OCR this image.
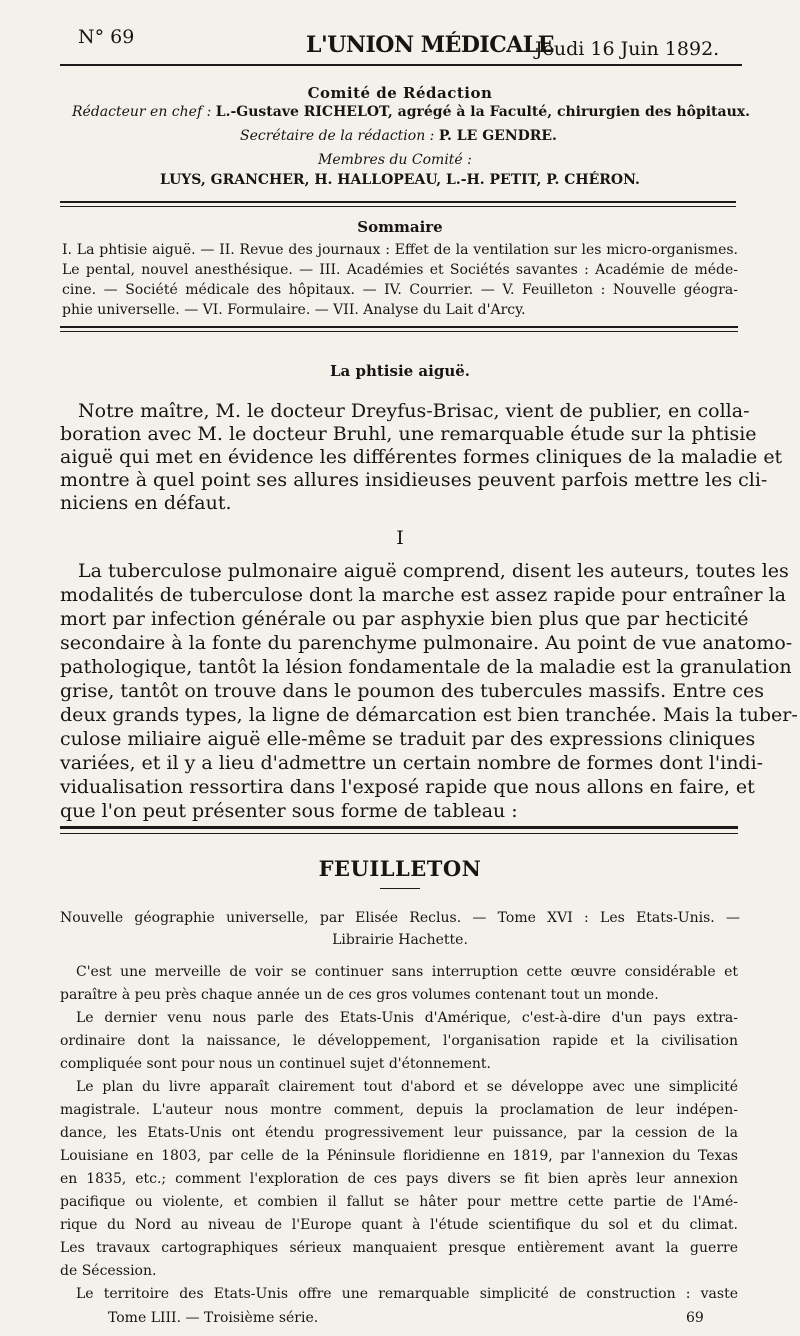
N° 69	L'UNION MÉDICALE
Jeudi 16 Juin 1892.
Comité de Rédaction
Rédacteur en chef : L.-Gustave RICHELOT, agrégé à la Faculté, chirurgien des hôpitaux.
Secrétaire de la rédaction : P. LE GENDRE.
Membres du Comité :
LUYS, GRANCHER, H. HALLOPEAU, L.-H. PETIT, P. CHÉRON.
Sommaire
I. La phtisie aiguë. — II. Revue des journaux : Effet de la ventilation sur les micro-organismes.
Le pental, nouvel anesthésique. — III. Académies et Sociétés savantes : Académie de méde-
cine. — Société médicale des hôpitaux. — IV. Courrier. — V. Feuilleton : Nouvelle géogra-
phie universelle. — VI. Formulaire. — VII. Analyse du Lait d'Arcy.
La phtisie aiguë.
Notre maître, M. le docteur Dreyfus-Brisac, vient de publier, en colla-
boration avec M. le docteur Bruhl, une remarquable étude sur la phtisie
aiguë qui met en évidence les différentes formes cliniques de la maladie et
montre à quel point ses allures insidieuses peuvent parfois mettre les cli-
niciens en défaut.
I
La tuberculose pulmonaire aiguë comprend, disent les auteurs, toutes les
modalités de tuberculose dont la marche est assez rapide pour entraîner la
mort par infection générale ou par asphyxie bien plus que par hecticité
secondaire à la fonte du parenchyme pulmonaire. Au point de vue anatomo-
pathologique, tantôt la lésion fondamentale de la maladie est la granulation
grise, tantôt on trouve dans le poumon des tubercules massifs. Entre ces
deux grands types, la ligne de démarcation est bien tranchée. Mais la tuber-
culose miliaire aiguë elle-même se traduit par des expressions cliniques
variées, et il y a lieu d'admettre un certain nombre de formes dont l'indi-
vidualisation ressortira dans l'exposé rapide que nous allons en faire, et
que l'on peut présenter sous forme de tableau :
FEUILLETON
Nouvelle géographie universelle, par Elisée Reclus. — Tome XVI : Les Etats-Unis. —
Librairie Hachette.
C'est une merveille de voir se continuer sans interruption cette œuvre considérable et
paraître à peu près chaque année un de ces gros volumes contenant tout un monde.
Le dernier venu nous parle des Etats-Unis d'Amérique, c'est-à-dire d'un pays extra-
ordinaire dont la naissance, le développement, l'organisation rapide et la civilisation
compliquée sont pour nous un continuel sujet d'étonnement.
Le plan du livre apparaît clairement tout d'abord et se développe avec une simplicité
magistrale. L'auteur nous montre comment, depuis la proclamation de leur indépen-
dance, les Etats-Unis ont étendu progressivement leur puissance, par la cession de la
Louisiane en 1803, par celle de la Péninsule floridienne en 1819, par l'annexion du Texas
en 1835, etc.; comment l'exploration de ces pays divers se fit bien après leur annexion
pacifique ou violente, et combien il fallut se hâter pour mettre cette partie de l'Amé-
rique du Nord au niveau de l'Europe quant à l'étude scientifique du sol et du climat.
Les travaux cartographiques sérieux manquaient presque entièrement avant la guerre
de Sécession.
Le territoire des Etats-Unis offre une remarquable simplicité de construction : vaste
Tome LIII. — Troisième série.	69
